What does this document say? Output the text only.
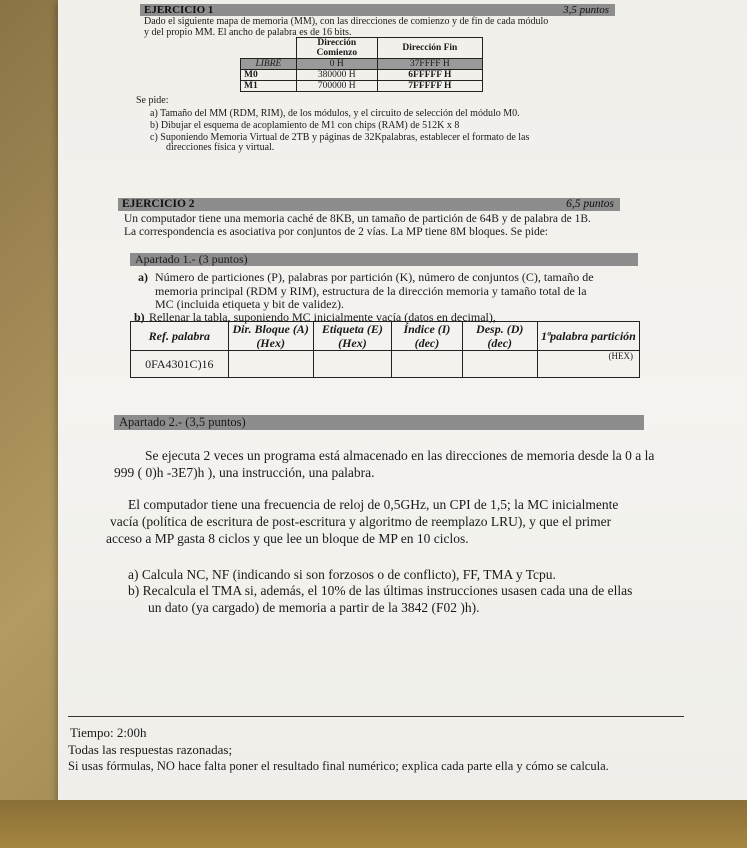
EJERCICIO 1	3,5 puntos
Dado el siguiente mapa de memoria (MM), con las direcciones de comienzo y de fin de cada módulo
y del propio MM. El ancho de palabra es de 16 bits.
	Dirección
Comienzo	Dirección Fin
LIBRE	0 H	37FFFF H
M0	380000 H	6FFFFF H
M1	700000 H	7FFFFF H
Se pide:
a) Tamaño del MM (RDM, RIM), de los módulos, y el circuito de selección del módulo M0.
b) Dibujar el esquema de acoplamiento de M1 con chips (RAM) de 512K x 8
c) Suponiendo Memoria Virtual de 2TB y páginas de 32Kpalabras, establecer el formato de las
direcciones física y virtual.
EJERCICIO 2	6,5 puntos
Un computador tiene una memoria caché de 8KB, un tamaño de partición de 64B y de palabra de 1B.
La correspondencia es asociativa por conjuntos de 2 vías. La MP tiene 8M bloques. Se pide:
Apartado 1.- (3 puntos)
a) Número de particiones (P), palabras por partición (K), número de conjuntos (C), tamaño de
memoria principal (RDM y RIM), estructura de la dirección memoria y tamaño total de la
MC (incluida etiqueta y bit de validez).
b) Rellenar la tabla, suponiendo MC inicialmente vacía (datos en decimal),
Ref. palabra	Dir. Bloque (A) (Hex)	Etiqueta (E) (Hex)	Índice (I) (dec)	Desp. (D) (dec)	1ªpalabra partición
0FA4301C)16					(HEX)
Apartado 2.- (3,5 puntos)
Se ejecuta 2 veces un programa está almacenado en las direcciones de memoria desde la 0 a la
999 ( 0)h -3E7)h ), una instrucción, una palabra.
El computador tiene una frecuencia de reloj de 0,5GHz, un CPI de 1,5; la MC inicialmente
vacía (política de escritura de post-escritura y algoritmo de reemplazo LRU), y que el primer
acceso a MP gasta 8 ciclos y que lee un bloque de MP en 10 ciclos.
a) Calcula NC, NF (indicando si son forzosos o de conflicto), FF, TMA y Tcpu.
b) Recalcula el TMA si, además, el 10% de las últimas instrucciones usasen cada una de ellas
un dato (ya cargado) de memoria a partir de la 3842 (F02 )h).
Tiempo: 2:00h
Todas las respuestas razonadas;
Si usas fórmulas, NO hace falta poner el resultado final numérico; explica cada parte ella y cómo se calcula.
